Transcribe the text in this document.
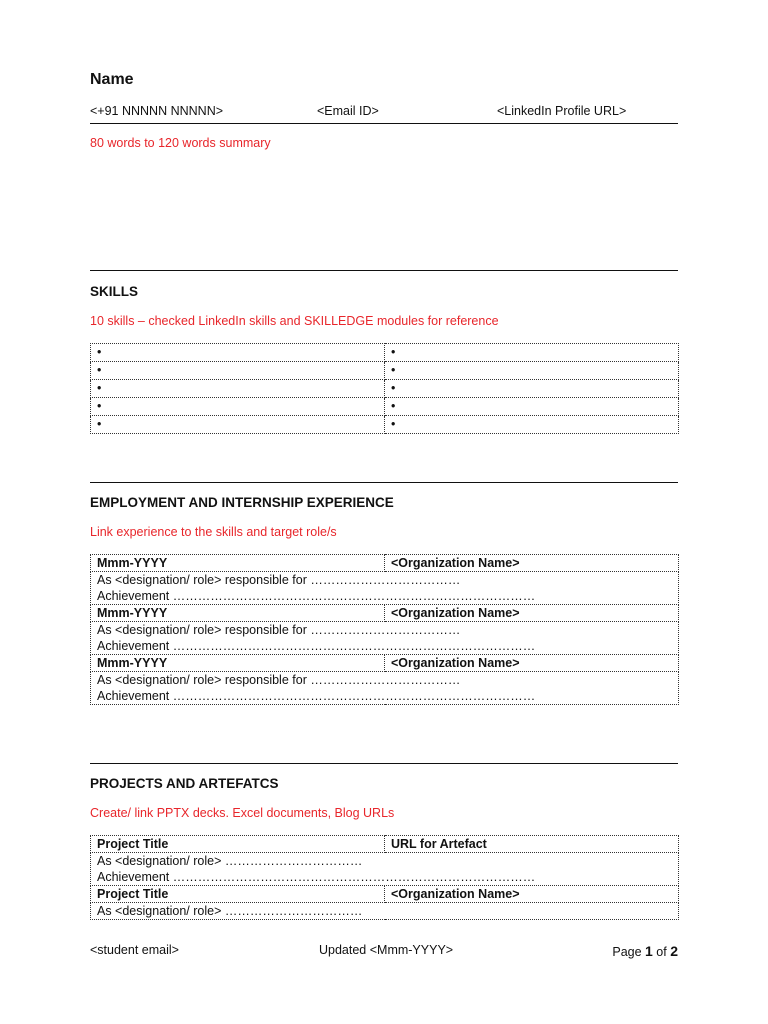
Name
<+91 NNNNN NNNNN>	<Email ID>	<LinkedIn Profile URL>
80 words to 120 words summary
SKILLS
10 skills – checked LinkedIn skills and SKILLEDGE modules for reference
•	•
•	•
•	•
•	•
•	•
EMPLOYMENT AND INTERNSHIP EXPERIENCE
Link experience to the skills and target role/s
Mmm-YYYY	<Organization Name>

As <designation/ role> responsible for ………………………………
Achievement ……………………………………………………………………………	

Mmm-YYYY	<Organization Name>

As <designation/ role> responsible for ………………………………
Achievement ……………………………………………………………………………	

Mmm-YYYY	<Organization Name>

As <designation/ role> responsible for ………………………………
Achievement ……………………………………………………………………………	
PROJECTS AND ARTEFATCS
Create/ link PPTX decks. Excel documents, Blog URLs
Project Title	URL for Artefact

As <designation/ role> ……………………………
Achievement ……………………………………………………………………………	

Project Title	<Organization Name>

As <designation/ role> ……………………………	
<student email>	Updated <Mmm-YYYY>	Page 1 of 2
